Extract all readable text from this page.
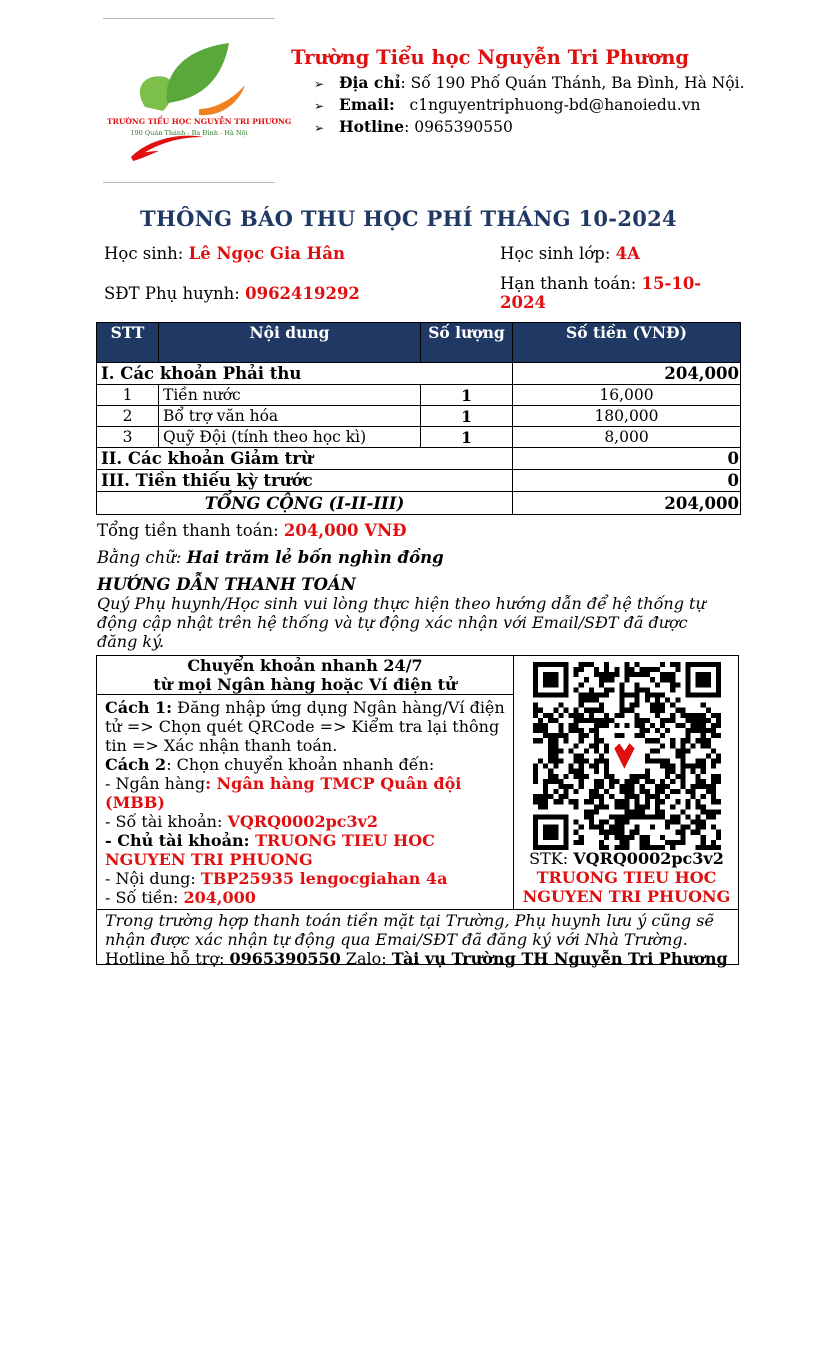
TRƯỜNG TIỂU HỌC NGUYỄN TRI PHƯƠNG
190 Quán Thánh - Ba Đình - Hà Nội
Trường Tiểu học Nguyễn Tri Phương
➢ Địa chỉ: Số 190 Phố Quán Thánh, Ba Đình, Hà Nội.
➢ Email: c1nguyentriphuong-bd@hanoiedu.vn
➢ Hotline: 0965390550
THÔNG BÁO THU HỌC PHÍ THÁNG 10-2024
Học sinh: Lê Ngọc Gia Hân	Học sinh lớp: 4A
SĐT Phụ huynh: 0962419292
Hạn thanh toán: 15-10-
2024
STT	Nội dung	Số lượng	Số tiền (VNĐ)
I. Các khoản Phải thu			204,000
1	Tiền nước	1	16,000
2	Bổ trợ văn hóa	1	180,000
3	Quỹ Đội (tính theo học kì)	1	8,000
II. Các khoản Giảm trừ			0
III. Tiền thiếu kỳ trước			0
TỔNG CỘNG (I-II-III)			204,000
Tổng tiền thanh toán: 204,000 VNĐ
Bằng chữ: Hai trăm lẻ bốn nghìn đồng
HƯỚNG DẪN THANH TOÁN
Quý Phụ huynh/Học sinh vui lòng thực hiện theo hướng dẫn để hệ thống tự động cập nhật trên hệ thống và tự động xác nhận với Email/SĐT đã được đăng ký.
Chuyển khoản nhanh 24/7
từ mọi Ngân hàng hoặc Ví điện tử
Cách 1: Đăng nhập ứng dụng Ngân hàng/Ví điện tử => Chọn quét QRCode => Kiểm tra lại thông tin => Xác nhận thanh toán.
Cách 2: Chọn chuyển khoản nhanh đến:
- Ngân hàng: Ngân hàng TMCP Quân đội (MBB)
- Số tài khoản: VQRQ0002pc3v2
- Chủ tài khoản: TRUONG TIEU HOC NGUYEN TRI PHUONG
- Nội dung: TBP25935 lengocgiahan 4a
- Số tiền: 204,000
STK: VQRQ0002pc3v2
TRUONG TIEU HOC
NGUYEN TRI PHUONG
Trong trường hợp thanh toán tiền mặt tại Trường, Phụ huynh lưu ý cũng sẽ nhận được xác nhận tự động qua Emai/SĐT đã đăng ký với Nhà Trường.
Hotline hỗ trợ: 0965390550 Zalo: Tài vụ Trường TH Nguyễn Tri Phương
